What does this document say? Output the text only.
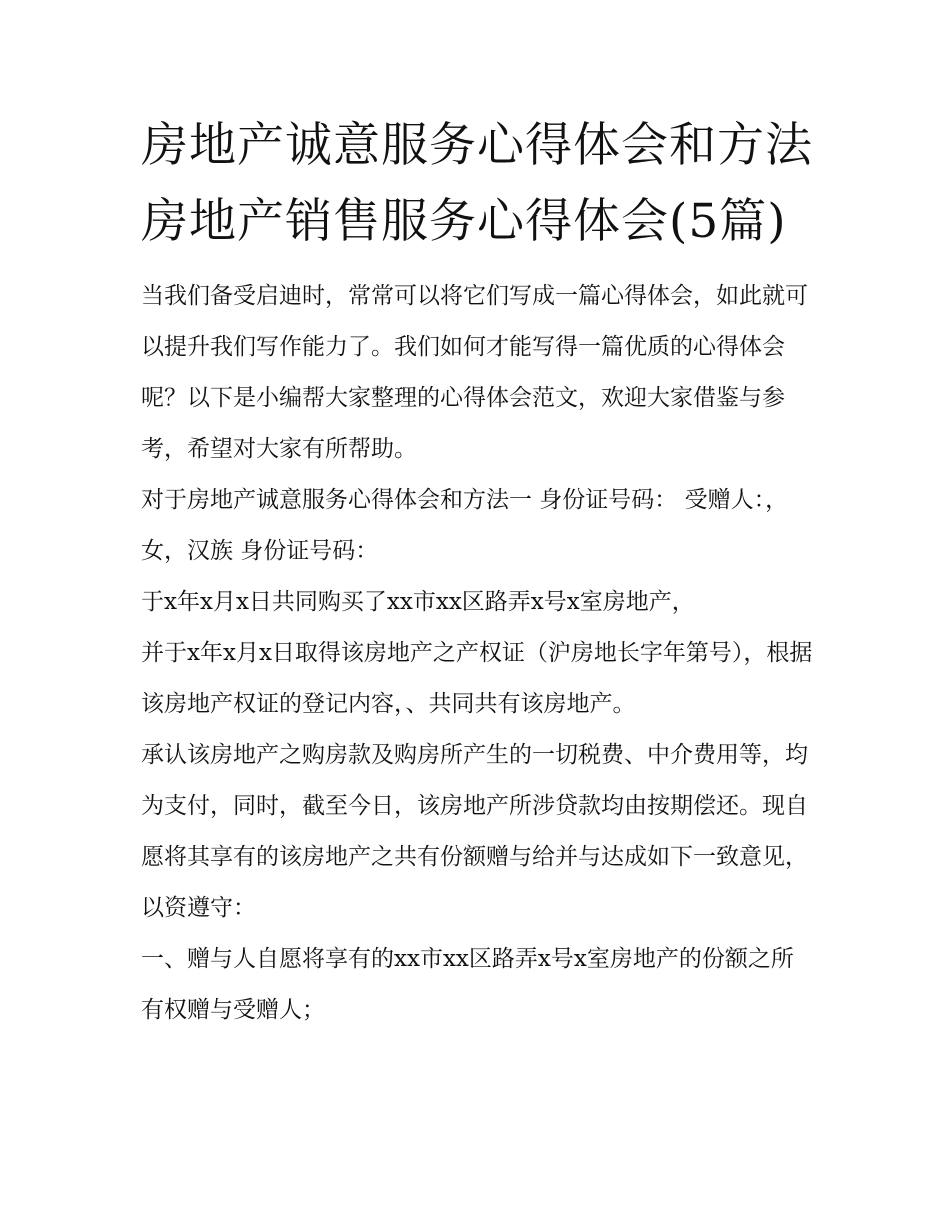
房地产诚意服务心得体会和方法 房地产销售服务心得体会(5篇)

当我们备受启迪时，常常可以将它们写成一篇心得体会，如此就可以提升我们写作能力了。我们如何才能写得一篇优质的心得体会呢？以下是小编帮大家整理的心得体会范文，欢迎大家借鉴与参考，希望对大家有所帮助。

对于房地产诚意服务心得体会和方法一 身份证号码： 受赠人：，女，汉族 身份证号码：

于x年x月x日共同购买了xx市xx区路弄x号x室房地产，

并于x年x月x日取得该房地产之产权证（沪房地长字年第号），根据该房地产权证的登记内容，、共同共有该房地产。

承认该房地产之购房款及购房所产生的一切税费、中介费用等，均为支付，同时，截至今日，该房地产所涉贷款均由按期偿还。现自愿将其享有的该房地产之共有份额赠与给并与达成如下一致意见，以资遵守：

一、赠与人自愿将享有的xx市xx区路弄x号x室房地产的份额之所有权赠与受赠人；
